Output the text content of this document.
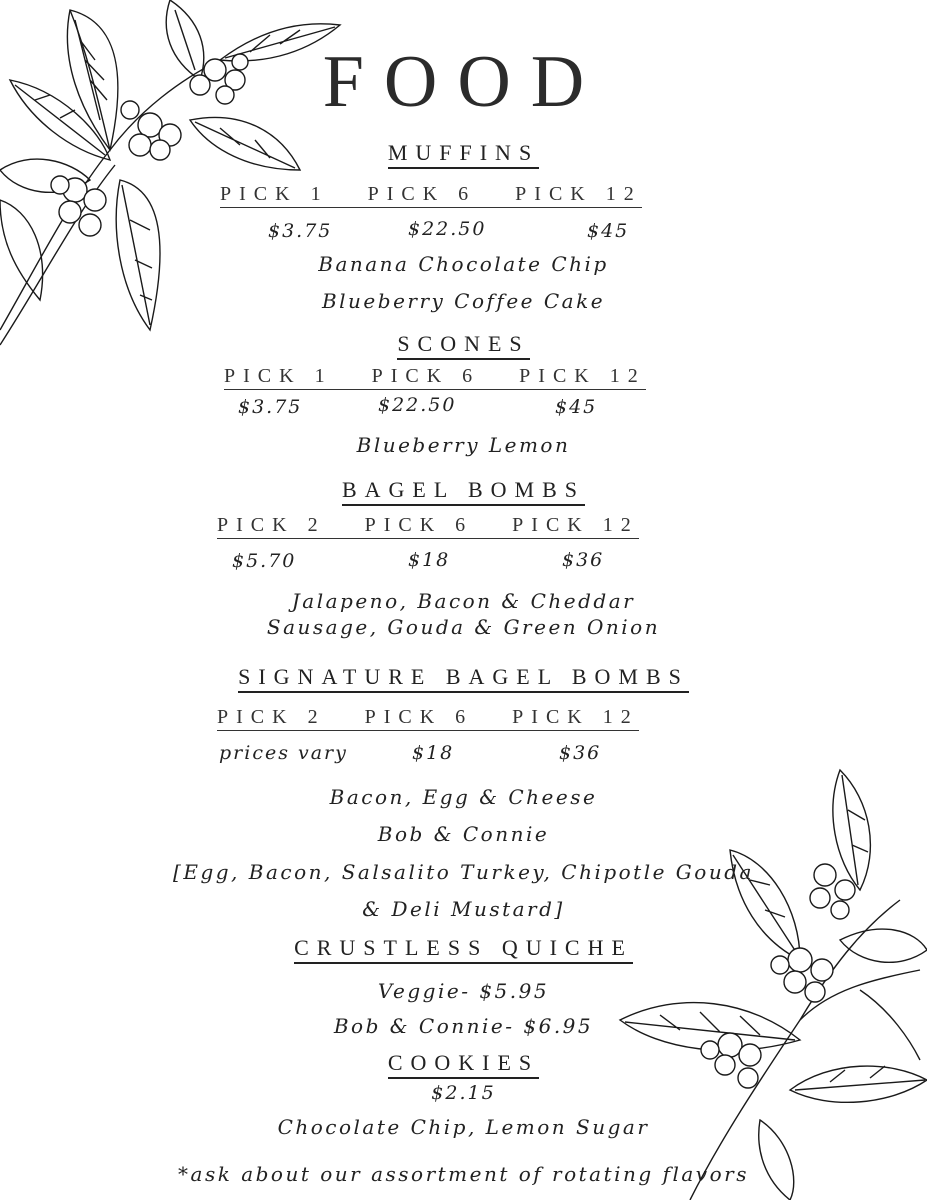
FOOD
MUFFINS
PICK 1 PICK 6 PICK 12
$3.75	$22.50	$45
Banana Chocolate Chip
Blueberry Coffee Cake
SCONES
PICK 1 PICK 6 PICK 12
$3.75	$22.50	$45
Blueberry Lemon
BAGEL BOMBS
PICK 2 PICK 6 PICK 12
$5.70	$18	$36
Jalapeno, Bacon & Cheddar
Sausage, Gouda & Green Onion
SIGNATURE BAGEL BOMBS
PICK 2 PICK 6 PICK 12
prices vary	$18	$36
Bacon, Egg & Cheese
Bob & Connie
[Egg, Bacon, Salsalito Turkey, Chipotle Gouda
& Deli Mustard]
CRUSTLESS QUICHE
Veggie- $5.95
Bob & Connie- $6.95
COOKIES
$2.15
Chocolate Chip, Lemon Sugar
*ask about our assortment of rotating flavors
